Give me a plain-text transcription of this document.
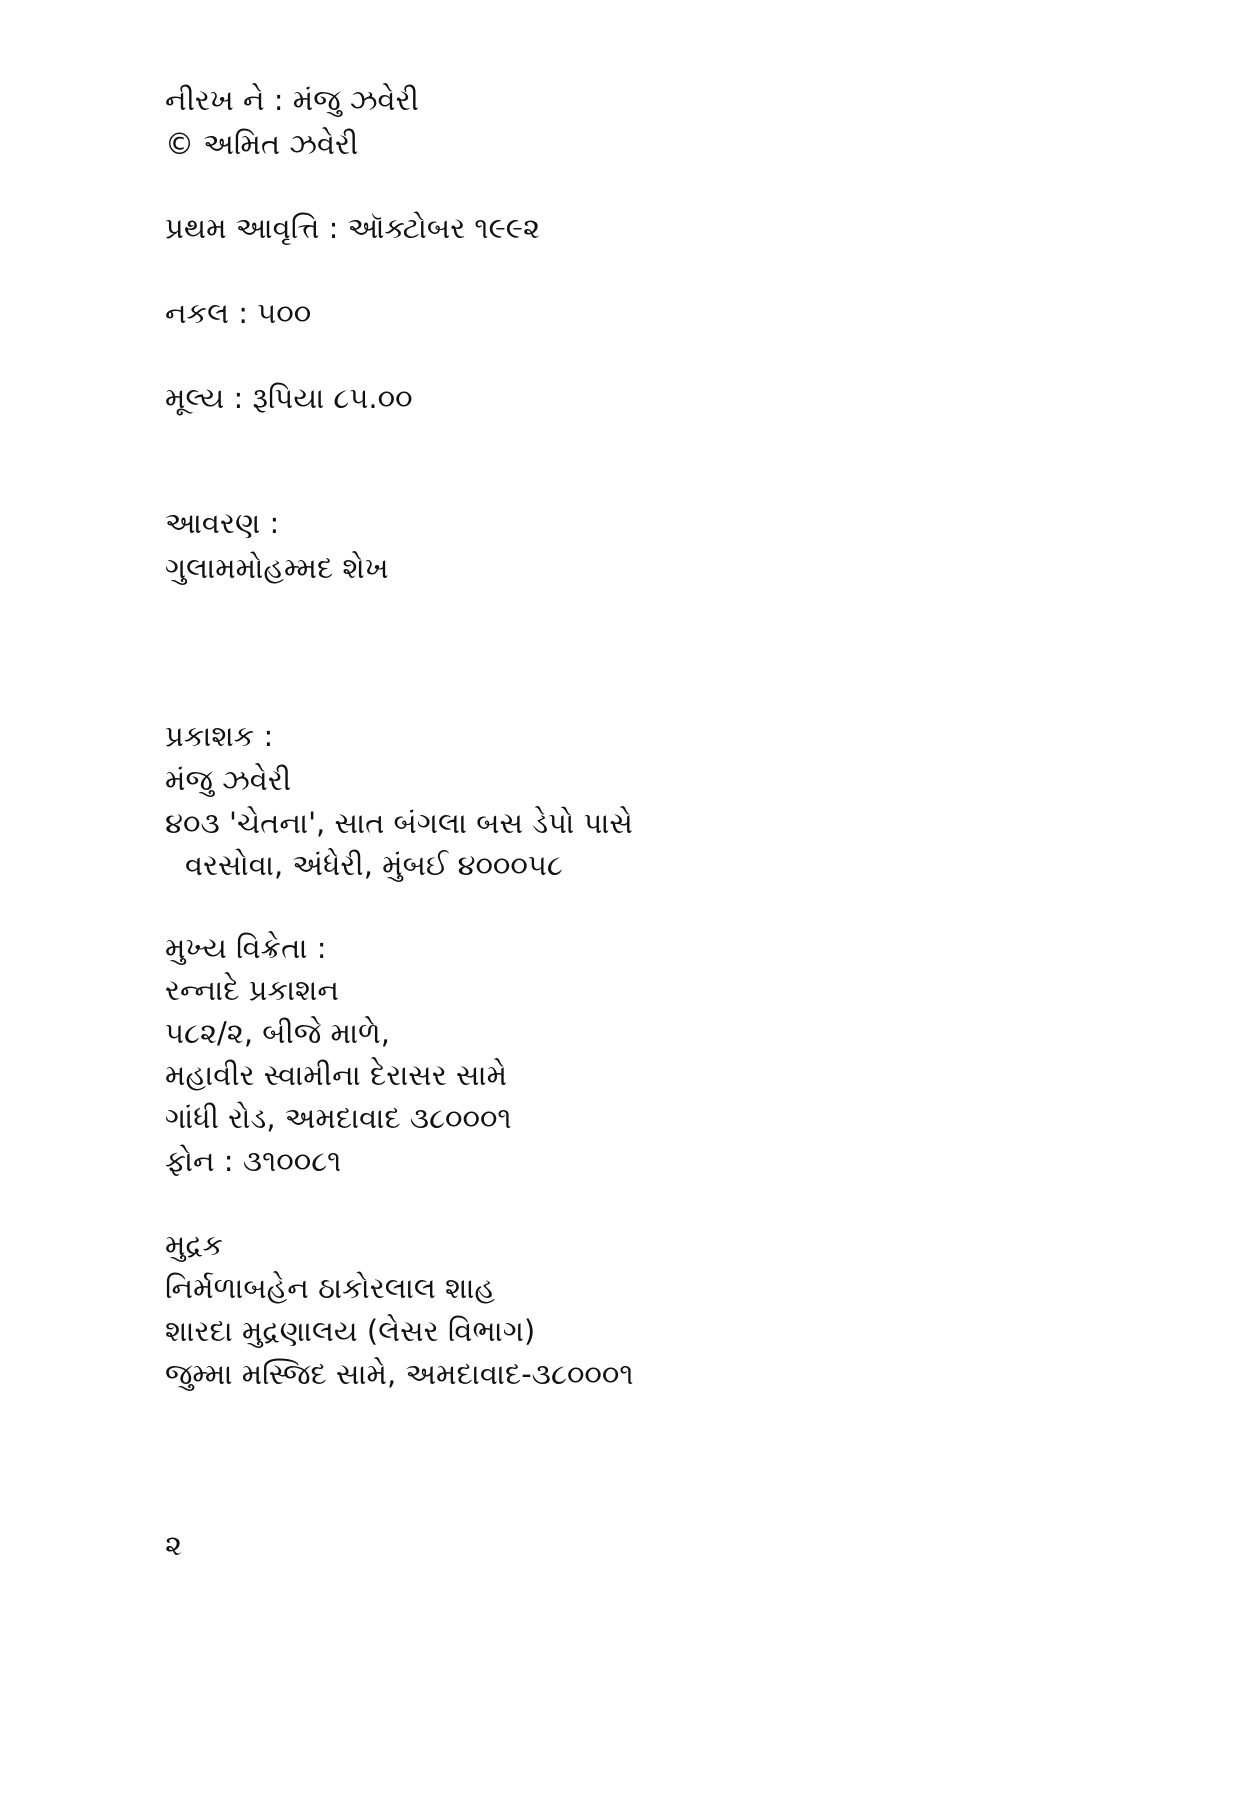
નીરખ ને : મંજુ ઝવેરી
© અમિત ઝવેરી
પ્રથમ આવૃત્તિ : ઑક્ટોબર ૧૯૯૨
નકલ : ૫૦૦
મૂલ્ય : રૂપિયા ૮૫.૦૦
આવરણ :
ગુલામમોહમ્મદ શેખ
પ્રકાશક :
મંજુ ઝવેરી
૪૦૩ 'ચેતના', સાત બંગલા બસ ડેપો પાસે
વરસોવા, અંધેરી, મુંબઈ ૪૦૦૦૫૮
મુખ્ય વિક્રેતા :
રન્નાદે પ્રકાશન
૫૮૨/૨, બીજે માળે,
મહાવીર સ્વામીના દેરાસર સામે
ગાંધી રોડ, અમદાવાદ ૩૮૦૦૦૧
ફોન : ૩૧૦૦૮૧
મુદ્રક
નિર્મળાબહેન ઠાકોરલાલ શાહ
શારદા મુદ્રણાલય (લેસર વિભાગ)
જુમ્મા મસ્જિદ સામે, અમદાવાદ-૩૮૦૦૦૧
૨
